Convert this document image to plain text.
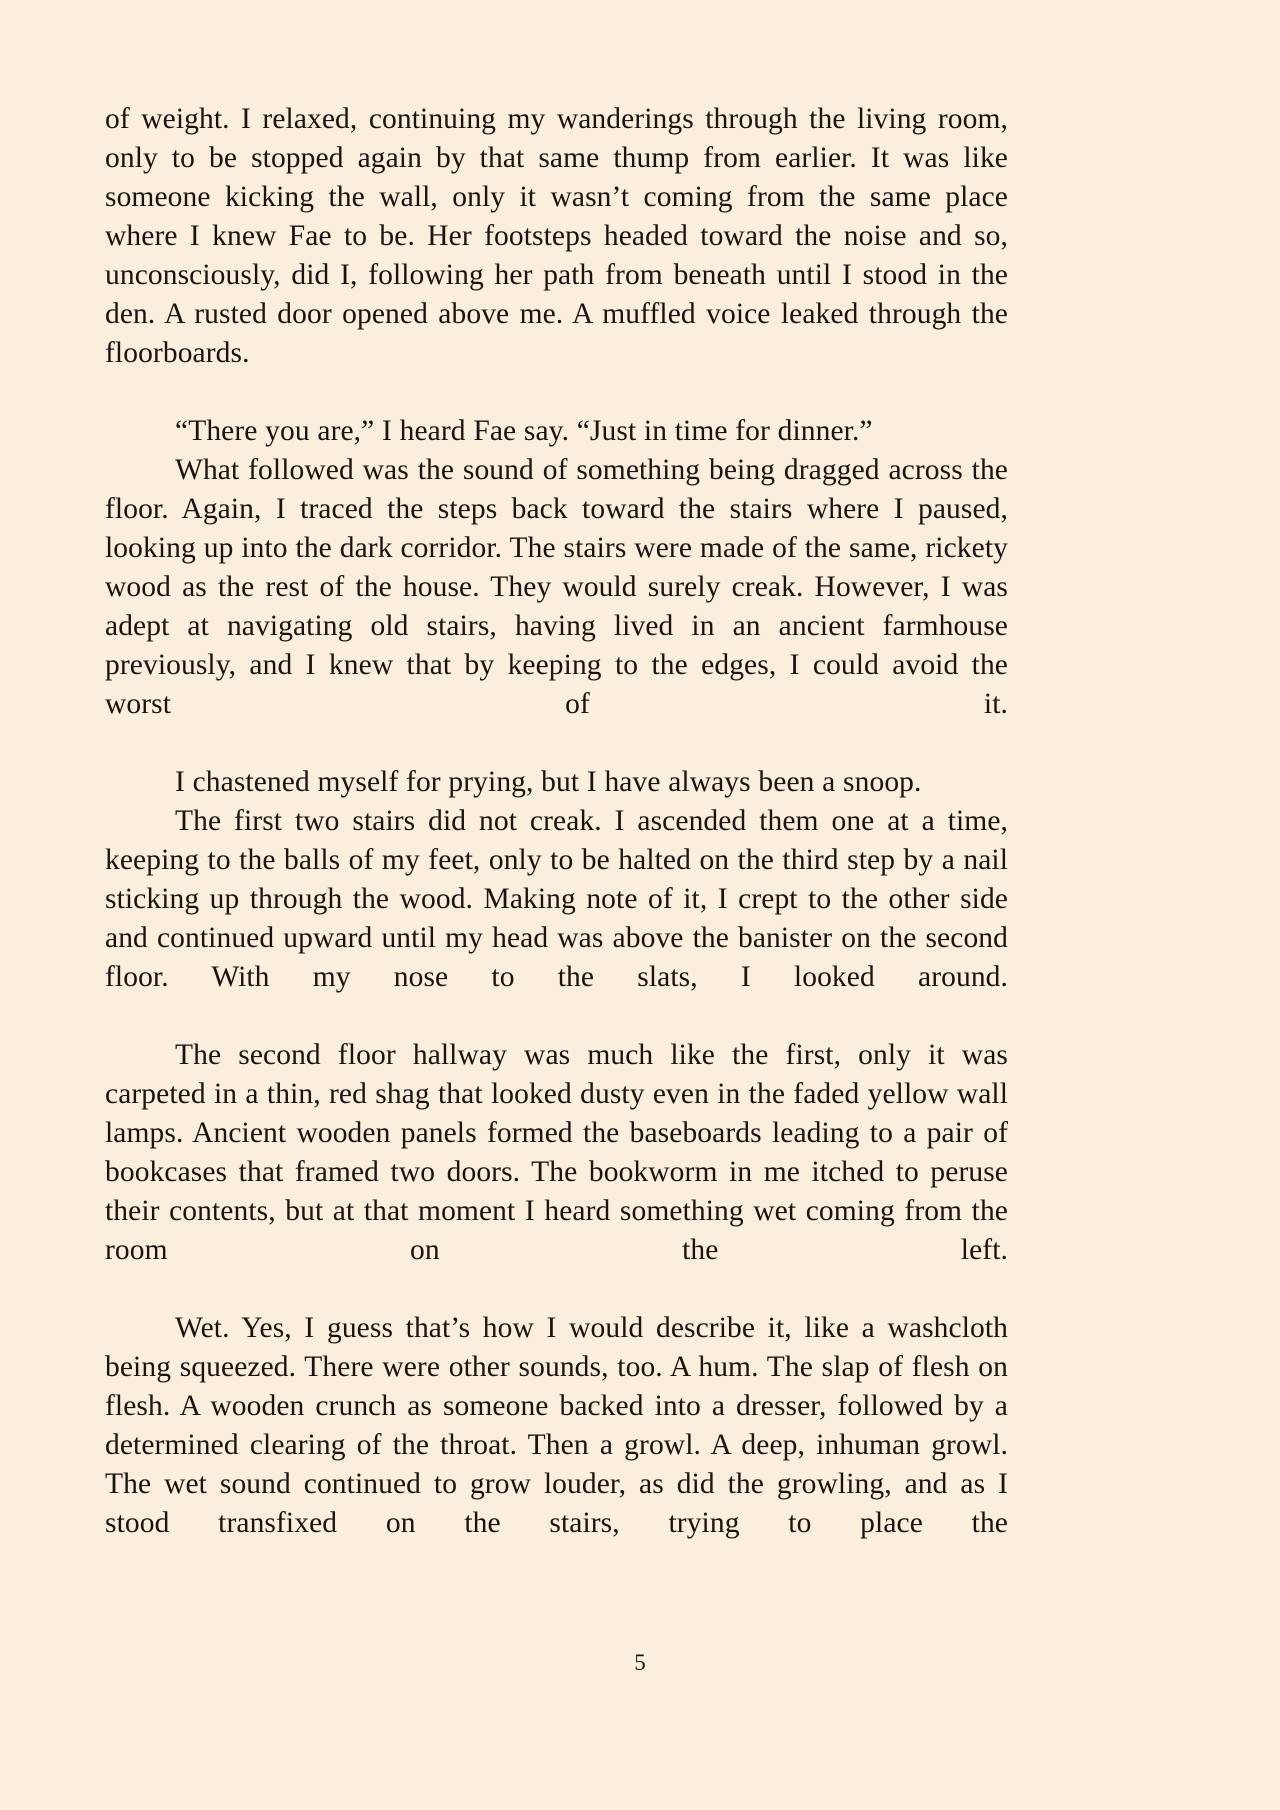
of weight. I relaxed, continuing my wanderings through the living room, only to be stopped again by that same thump from earlier. It was like someone kicking the wall, only it wasn’t coming from the same place where I knew Fae to be. Her footsteps headed toward the noise and so, unconsciously, did I, following her path from beneath until I stood in the den. A rusted door opened above me. A muffled voice leaked through the floorboards.

“There you are,” I heard Fae say. “Just in time for dinner.”

What followed was the sound of something being dragged across the floor. Again, I traced the steps back toward the stairs where I paused, looking up into the dark corridor. The stairs were made of the same, rickety wood as the rest of the house. They would surely creak. However, I was adept at navigating old stairs, having lived in an ancient farmhouse previously, and I knew that by keeping to the edges, I could avoid the worst of it.

I chastened myself for prying, but I have always been a snoop.

The first two stairs did not creak. I ascended them one at a time, keeping to the balls of my feet, only to be halted on the third step by a nail sticking up through the wood. Making note of it, I crept to the other side and continued upward until my head was above the banister on the second floor. With my nose to the slats, I looked around.

The second floor hallway was much like the first, only it was carpeted in a thin, red shag that looked dusty even in the faded yellow wall lamps. Ancient wooden panels formed the baseboards leading to a pair of bookcases that framed two doors. The bookworm in me itched to peruse their contents, but at that moment I heard something wet coming from the room on the left.

Wet. Yes, I guess that’s how I would describe it, like a washcloth being squeezed. There were other sounds, too. A hum. The slap of flesh on flesh. A wooden crunch as someone backed into a dresser, followed by a determined clearing of the throat. Then a growl. A deep, inhuman growl. The wet sound continued to grow louder, as did the growling, and as I stood transfixed on the stairs, trying to place the

5
